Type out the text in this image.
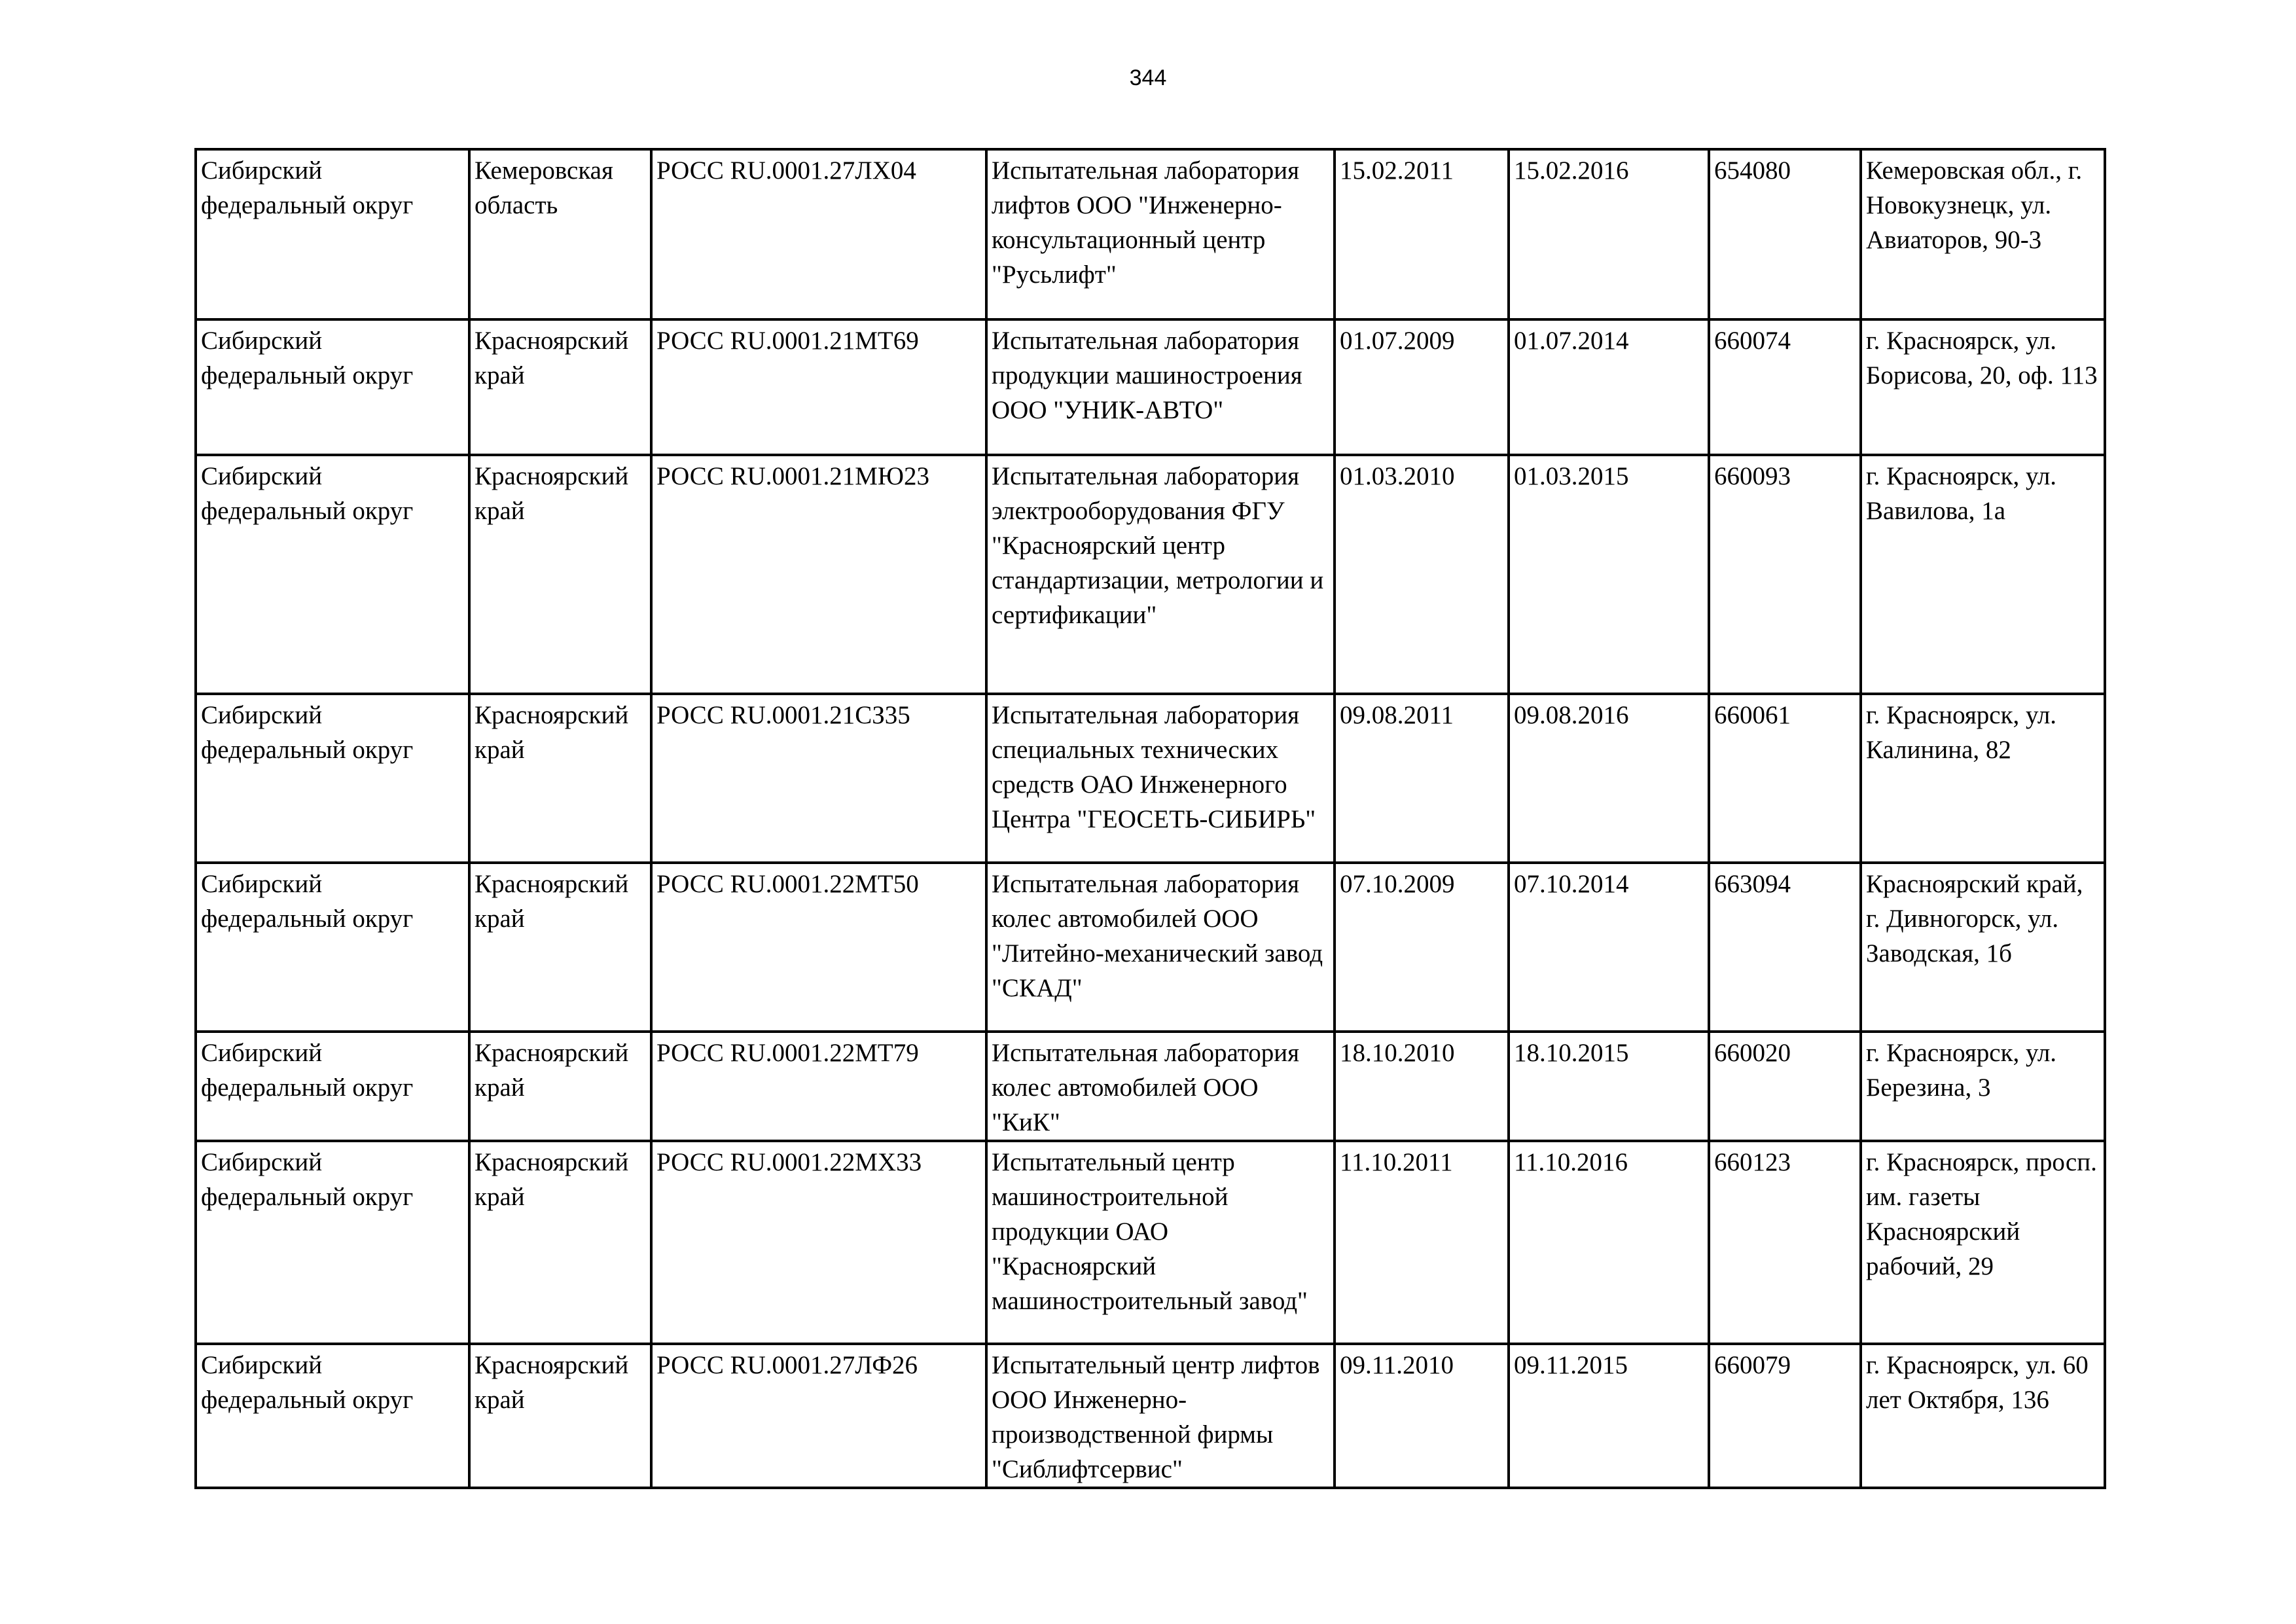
344
Сибирский федеральный округ	Кемеровская область	РОСС RU.0001.27ЛХ04	Испытательная лаборатория лифтов ООО "Инженерно-консультационный центр "Русьлифт"	15.02.2011	15.02.2016	654080	Кемеровская обл., г. Новокузнецк, ул. Авиаторов, 90-3
Сибирский федеральный округ	Красноярский край	РОСС RU.0001.21МТ69	Испытательная лаборатория продукции машиностроения ООО "УНИК-АВТО"	01.07.2009	01.07.2014	660074	г. Красноярск, ул. Борисова, 20, оф. 113
Сибирский федеральный округ	Красноярский край	РОСС RU.0001.21МЮ23	Испытательная лаборатория электрооборудования ФГУ "Красноярский центр стандартизации, метрологии и сертификации"	01.03.2010	01.03.2015	660093	г. Красноярск, ул. Вавилова, 1а
Сибирский федеральный округ	Красноярский край	РОСС RU.0001.21СЗ35	Испытательная лаборатория специальных технических средств ОАО Инженерного Центра "ГЕОСЕТЬ-СИБИРЬ"	09.08.2011	09.08.2016	660061	г. Красноярск, ул. Калинина, 82
Сибирский федеральный округ	Красноярский край	РОСС RU.0001.22МТ50	Испытательная лаборатория колес автомобилей ООО "Литейно-механический завод "СКАД"	07.10.2009	07.10.2014	663094	Красноярский край, г. Дивногорск, ул. Заводская, 1б
Сибирский федеральный округ	Красноярский край	РОСС RU.0001.22МТ79	Испытательная лаборатория колес автомобилей ООО "КиК"	18.10.2010	18.10.2015	660020	г. Красноярск, ул. Березина, 3
Сибирский федеральный округ	Красноярский край	РОСС RU.0001.22МХ33	Испытательный центр машиностроительной продукции ОАО "Красноярский машиностроительный завод"	11.10.2011	11.10.2016	660123	г. Красноярск, просп. им. газеты Красноярский рабочий, 29
Сибирский федеральный округ	Красноярский край	РОСС RU.0001.27ЛФ26	Испытательный центр лифтов ООО Инженерно-производственной фирмы "Сиблифтсервис"	09.11.2010	09.11.2015	660079	г. Красноярск, ул. 60 лет Октября, 136
